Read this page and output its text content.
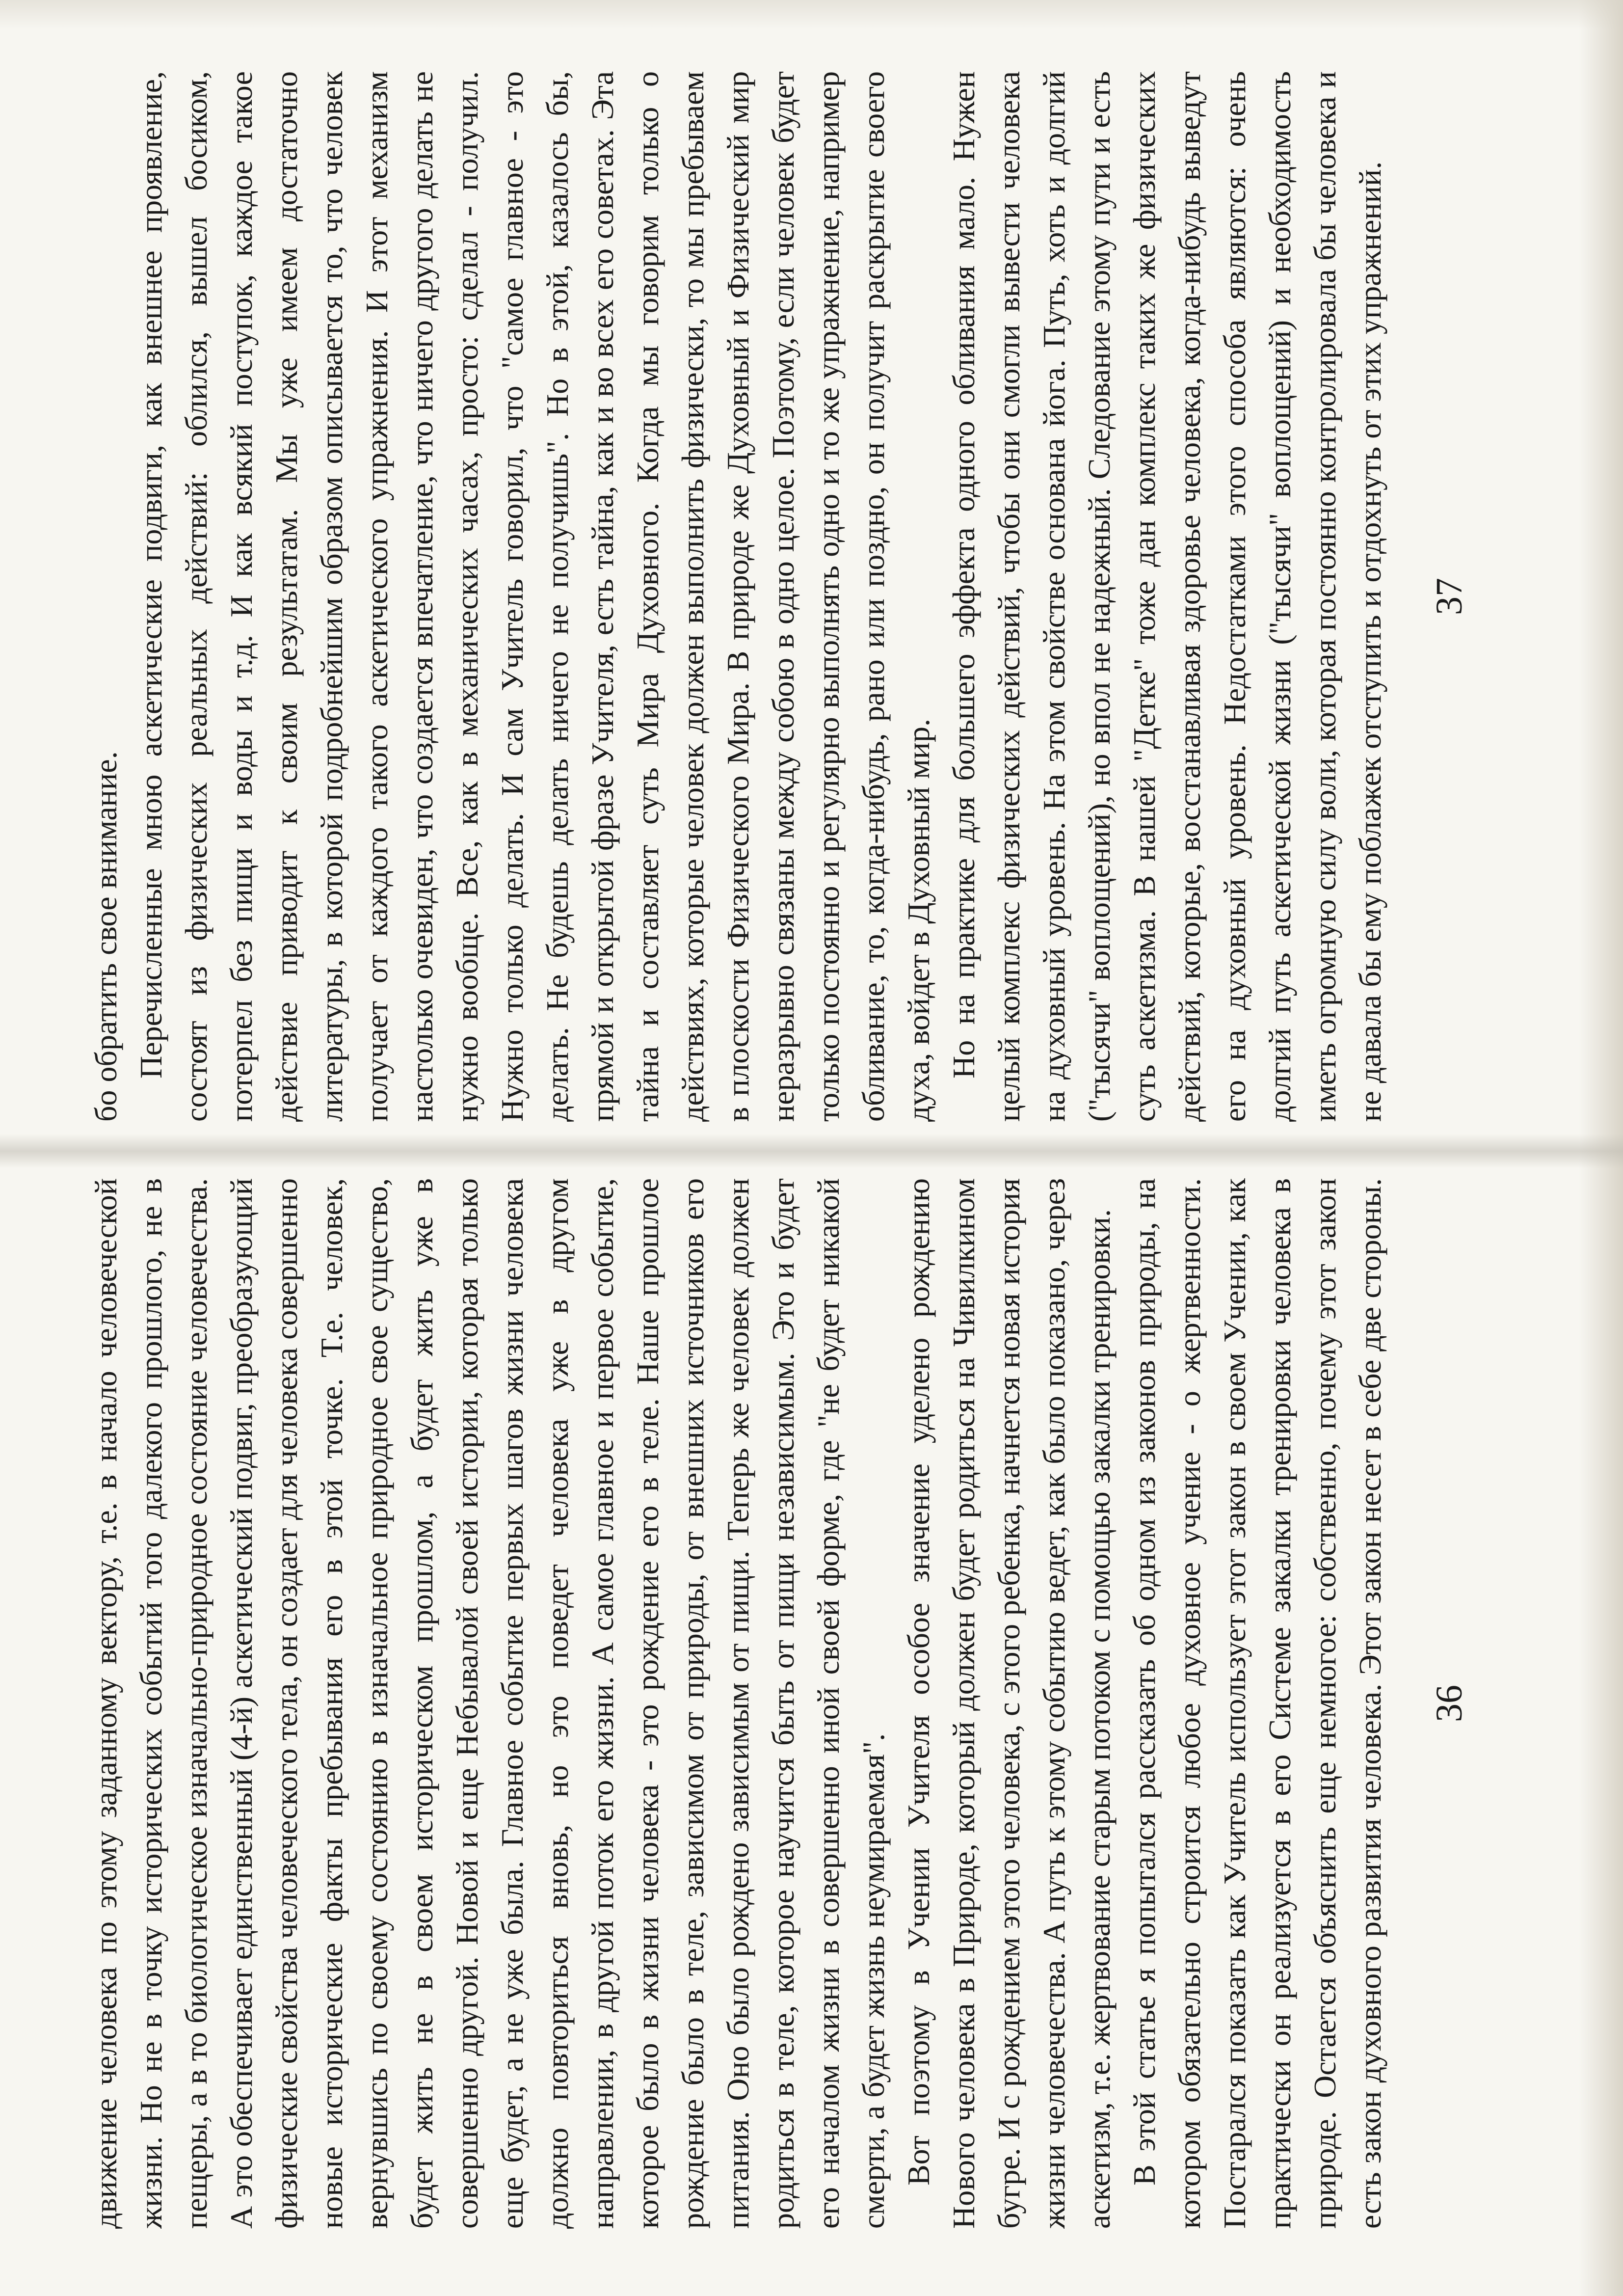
бо обратить свое внимание. Перечисленные мною аскетические подвиги, как внешнее проявление, состоят из физических реальных действий: облился, вышел босиком, потерпел без пищи и воды и т.д. И как всякий поступок, каждое такое действие приводит к своим результатам. Мы уже имеем достаточно литературы, в которой подробнейшим образом описывается то, что человек получает от каждого такого аскетического упражнения. И этот механизм настолько очевиден, что создается впечатление, что ничего другого делать не нужно вообще. Все, как в механических часах, просто: сделал - получил. Нужно только делать. И сам Учитель говорил, что "самое главное - это делать. Не будешь делать ничего не получишь". Но в этой, казалось бы, прямой и открытой фразе Учителя, есть тайна, как и во всех его советах. Эта тайна и составляет суть Мира Духовного. Когда мы говорим только о действиях, которые человек должен выполнить физически, то мы пребываем в плоскости Физического Мира. В природе же Духовный и Физический мир неразрывно связаны между собою в одно целое. Поэтому, если человек будет только постоянно и регулярно выполнять одно и то же упражнение, например обливание, то, когда-нибудь, рано или поздно, он получит раскрытие своего духа, войдет в Духовный мир. Но на практике для большего эффекта одного обливания мало. Нужен целый комплекс физических действий, чтобы они смогли вывести человека на духовный уровень. На этом свойстве основана йога. Путь, хоть и долгий ("тысячи" воплощений), но впол не надежный. Следование этому пути и есть суть аскетизма. В нашей "Детке" тоже дан комплекс таких же физических действий, которые, восстанавливая здоровье человека, когда-нибудь выведут его на духовный уровень. Недостатками этого способа являются: очень долгий путь аскетической жизни ("тысячи" воплощений) и необходимость иметь огромную силу воли, которая постоянно контролировала бы человека и не давала бы ему поблажек отступить и отдохнуть от этих упражнений. 37

движение человека по этому заданному вектору, т.е. в начало человеческой жизни. Но не в точку исторических событий того далекого прошлого, не в пещеры, а в то биологическое изначально-природное состояние человечества. А это обеспечивает единственный (4-й) аскетический подвиг, преобразующий физические свойства человеческого тела, он создает для человека совершенно новые исторические факты пребывания его в этой точке. Т.е. человек, вернувшись по своему состоянию в изначальное природное свое существо, будет жить не в своем историческом прошлом, а будет жить уже в совершенно другой. Новой и еще Небывалой своей истории, которая только еще будет, а не уже была. Главное событие первых шагов жизни человека должно повториться вновь, но это поведет человека уже в другом направлении, в другой поток его жизни. А самое главное и первое событие, которое было в жизни человека - это рождение его в теле. Наше прошлое рождение было в теле, зависимом от природы, от внешних источников его питания. Оно было рождено зависимым от пищи. Теперь же человек должен родиться в теле, которое научится быть от пищи независимым. Это и будет его началом жизни в совершенно иной своей форме, где "не будет никакой смерти, а будет жизнь неумираемая". Вот поэтому в Учении Учителя особое значение уделено рождению Нового человека в Природе, который должен будет родиться на Чивилкином бугре. И с рождением этого человека, с этого ребенка, начнется новая история жизни человечества. А путь к этому событию ведет, как было показано, через аскетизм, т.е. жертвование старым потоком с помощью закалки тренировки. В этой статье я попытался рассказать об одном из законов природы, на котором обязательно строится любое духовное учение - о жертвенности. Постарался показать как Учитель использует этот закон в своем Учении, как практически он реализуется в его Системе закалки тренировки человека в природе. Остается объяснить еще немногое: собственно, почему этот закон есть закон духовного развития человека. Этот закон несет в себе две стороны.

36
